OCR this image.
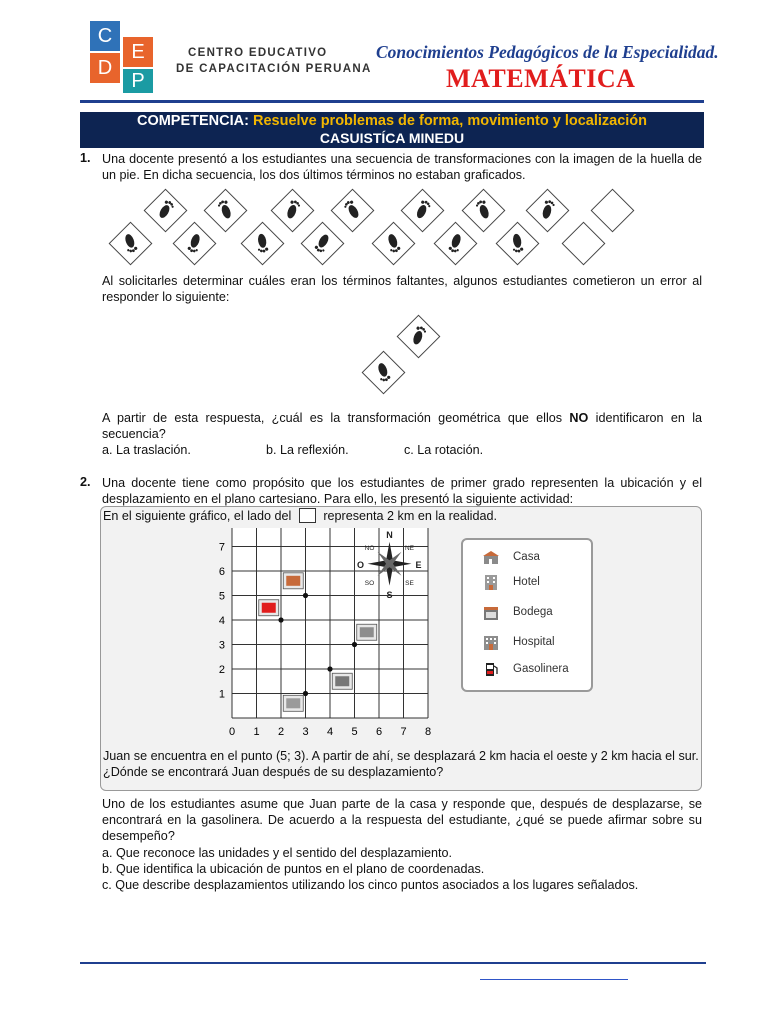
C
E
D
P
CENTRO EDUCATIVO
DE CAPACITACIÓN PERUANA
Conocimientos Pedagógicos de la Especialidad.
MATEMÁTICA
COMPETENCIA: Resuelve problemas de forma, movimiento y localización
CASUISTÍCA MINEDU
1. Una docente presentó a los estudiantes una secuencia de transformaciones con la imagen de la huella de un pie. En dicha secuencia, los dos últimos términos no estaban graficados.
Al solicitarles determinar cuáles eran los términos faltantes, algunos estudiantes cometieron un error al responder lo siguiente:
A partir de esta respuesta, ¿cuál es la transformación geométrica que ellos NO identificaron en la secuencia?
a. La traslación.	b. La reflexión.	c. La rotación.
2. Una docente tiene como propósito que los estudiantes de primer grado representen la ubicación y el desplazamiento en el plano cartesiano. Para ello, les presentó la siguiente actividad:
En el siguiente gráfico, el lado del	representa 2 km en la realidad.
0 1 2 3 4 5 6 7 8
1
2
3
4
5
6
7
N
S
E
O
NE
NO
SE
SO
Casa
Hotel
Bodega
Hospital
Gasolinera
Juan se encuentra en el punto (5; 3). A partir de ahí, se desplazará 2 km hacia el oeste y 2 km hacia el sur.
¿Dónde se encontrará Juan después de su desplazamiento?
Uno de los estudiantes asume que Juan parte de la casa y responde que, después de desplazarse, se encontrará en la gasolinera. De acuerdo a la respuesta del estudiante, ¿qué se puede afirmar sobre su desempeño?
a. Que reconoce las unidades y el sentido del desplazamiento.
b. Que identifica la ubicación de puntos en el plano de coordenadas.
c. Que describe desplazamientos utilizando los cinco puntos asociados a los lugares señalados.
